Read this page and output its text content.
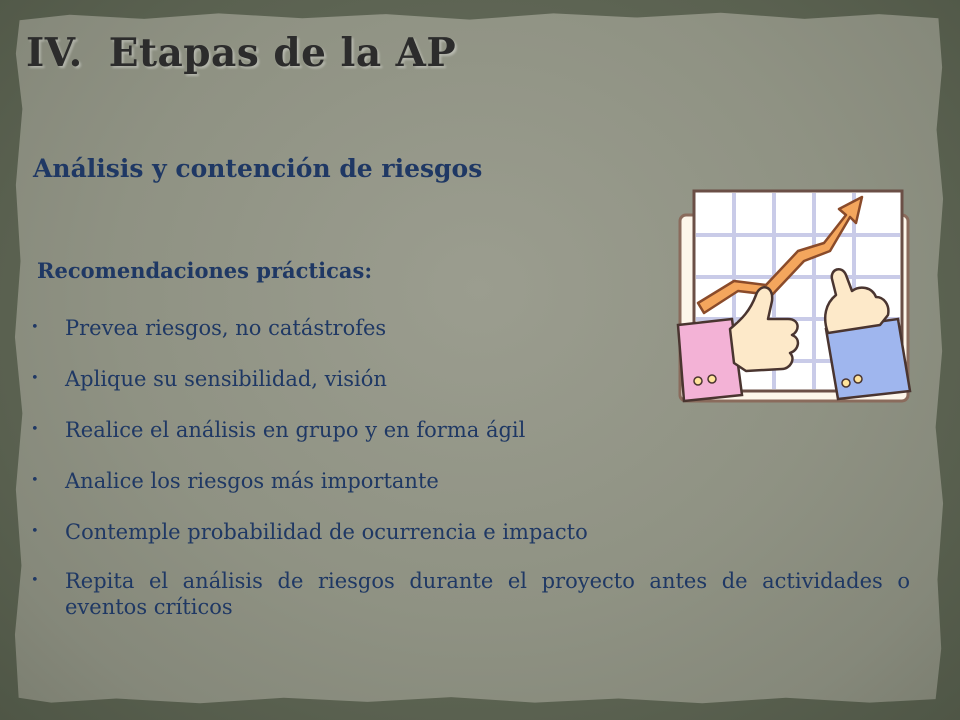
IV. Etapas de la AP
Análisis y contención de riesgos
Recomendaciones prácticas:
• Prevea riesgos, no catástrofes
• Aplique su sensibilidad, visión
• Realice el análisis en grupo y en forma ágil
• Analice los riesgos más importante
• Contemple probabilidad de ocurrencia e impacto
• Repita el análisis de riesgos durante el proyecto antes de actividades o eventos críticos
